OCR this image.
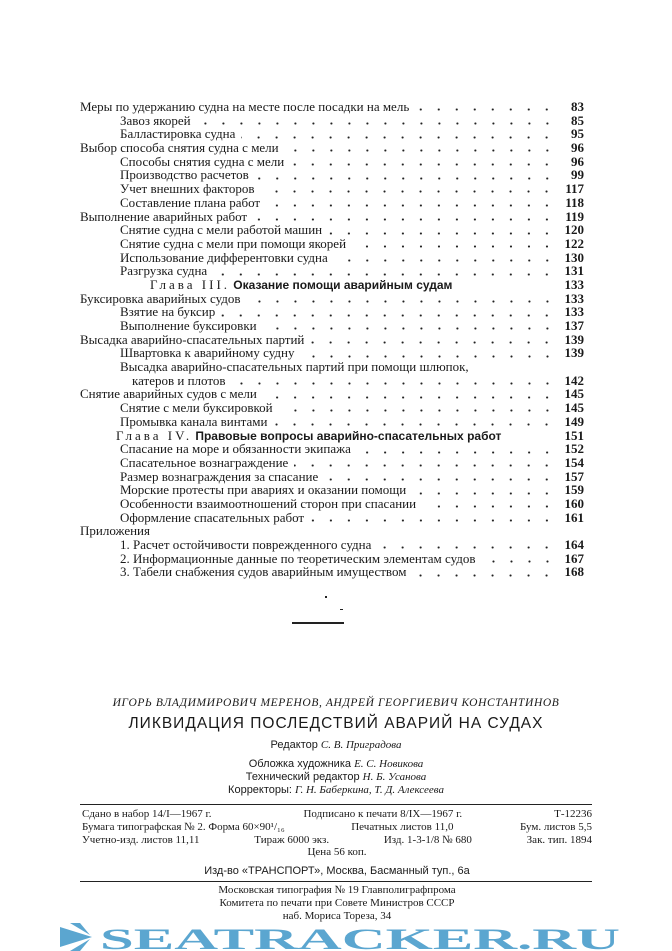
Меры по удержанию судна на месте после посадки на мель	83
Завоз якорей	85
Балластировка судна	95
Выбор способа снятия судна с мели	96
Способы снятия судна с мели	96
Производство расчетов	99
Учет внешних факторов	117
Составление плана работ	118
Выполнение аварийных работ	119
Снятие судна с мели работой машин	120
Снятие судна с мели при помощи якорей	122
Использование дифферентовки судна	130
Разгрузка судна	131
Глава III. Оказание помощи аварийным судам	133
Буксировка аварийных судов	133
Взятие на буксир	133
Выполнение буксировки	137
Высадка аварийно-спасательных партий	139
Швартовка к аварийному судну	139
Высадка аварийно-спасательных партий при помощи шлюпок,
катеров и плотов	142
Снятие аварийных судов с мели	145
Снятие с мели буксировкой	145
Промывка канала винтами	149
Глава IV. Правовые вопросы аварийно-спасательных работ	151
Спасание на море и обязанности экипажа	152
Спасательное вознаграждение	154
Размер вознаграждения за спасание	157
Морские протесты при авариях и оказании помощи	159
Особенности взаимоотношений сторон при спасании	160
Оформление спасательных работ	161
Приложения
1. Расчет остойчивости поврежденного судна	164
2. Информационные данные по теоретическим элементам судов	167
3. Табели снабжения судов аварийным имуществом	168
ИГОРЬ ВЛАДИМИРОВИЧ МЕРЕНОВ, АНДРЕЙ ГЕОРГИЕВИЧ КОНСТАНТИНОВ
ЛИКВИДАЦИЯ ПОСЛЕДСТВИЙ АВАРИЙ НА СУДАХ
Редактор С. В. Приградова
Обложка художника Е. С. Новикова
Технический редактор Н. Б. Усанова
Корректоры: Г. Н. Баберкина, Т. Д. Алексеева
Сдано в набор 14/I—1967 г.	Подписано к печати 8/IX—1967 г.	Т-12236
Бумага типографская № 2. Форма 60×90¹/₁₆	Печатных листов 11,0	Бум. листов 5,5
Учетно-изд. листов 11,11	Тираж 6000 экз.	Изд. 1-3-1/8 № 680	Зак. тип. 1894
Цена 56 коп.
Изд-во «ТРАНСПОРТ», Москва, Басманный туп., 6а
Московская типография № 19 Главполиграфпрома
Комитета по печати при Совете Министров СССР
наб. Мориса Тореза, 34
SEATRACKER.RU
